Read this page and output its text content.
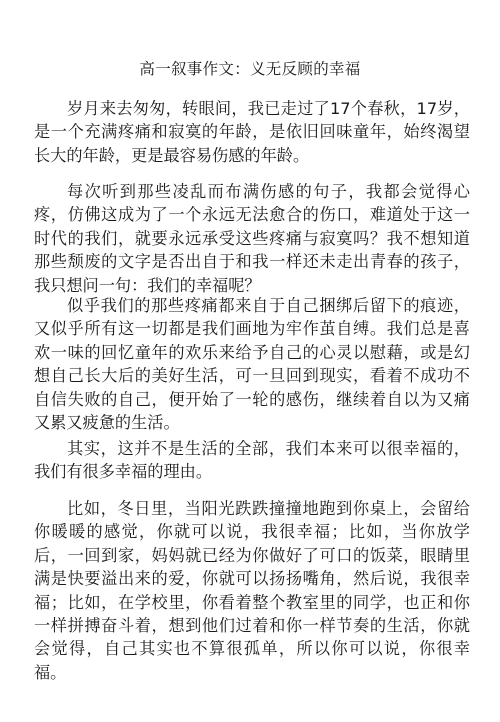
高一叙事作文：义无反顾的幸福

岁月来去匆匆，转眼间，我已走过了17个春秋，17岁，是一个充满疼痛和寂寞的年龄，是依旧回味童年，始终渴望长大的年龄，更是最容易伤感的年龄。

每次听到那些凌乱而布满伤感的句子，我都会觉得心疼，仿佛这成为了一个永远无法愈合的伤口，难道处于这一时代的我们，就要永远承受这些疼痛与寂寞吗？我不想知道那些颓废的文字是否出自于和我一样还未走出青春的孩子，我只想问一句：我们的幸福呢？

似乎我们的那些疼痛都来自于自己捆绑后留下的痕迹，又似乎所有这一切都是我们画地为牢作茧自缚。我们总是喜欢一味的回忆童年的欢乐来给予自己的心灵以慰藉，或是幻想自己长大后的美好生活，可一旦回到现实，看着不成功不自信失败的自己，便开始了一轮的感伤，继续着自以为又痛又累又疲惫的生活。

其实，这并不是生活的全部，我们本来可以很幸福的，我们有很多幸福的理由。

比如，冬日里，当阳光跌跌撞撞地跑到你桌上，会留给你暖暖的感觉，你就可以说，我很幸福；比如，当你放学后，一回到家，妈妈就已经为你做好了可口的饭菜，眼睛里满是快要溢出来的爱，你就可以扬扬嘴角，然后说，我很幸福；比如，在学校里，你看着整个教室里的同学，也正和你一样拼搏奋斗着，想到他们过着和你一样节奏的生活，你就会觉得，自己其实也不算很孤单，所以你可以说，你很幸福。
